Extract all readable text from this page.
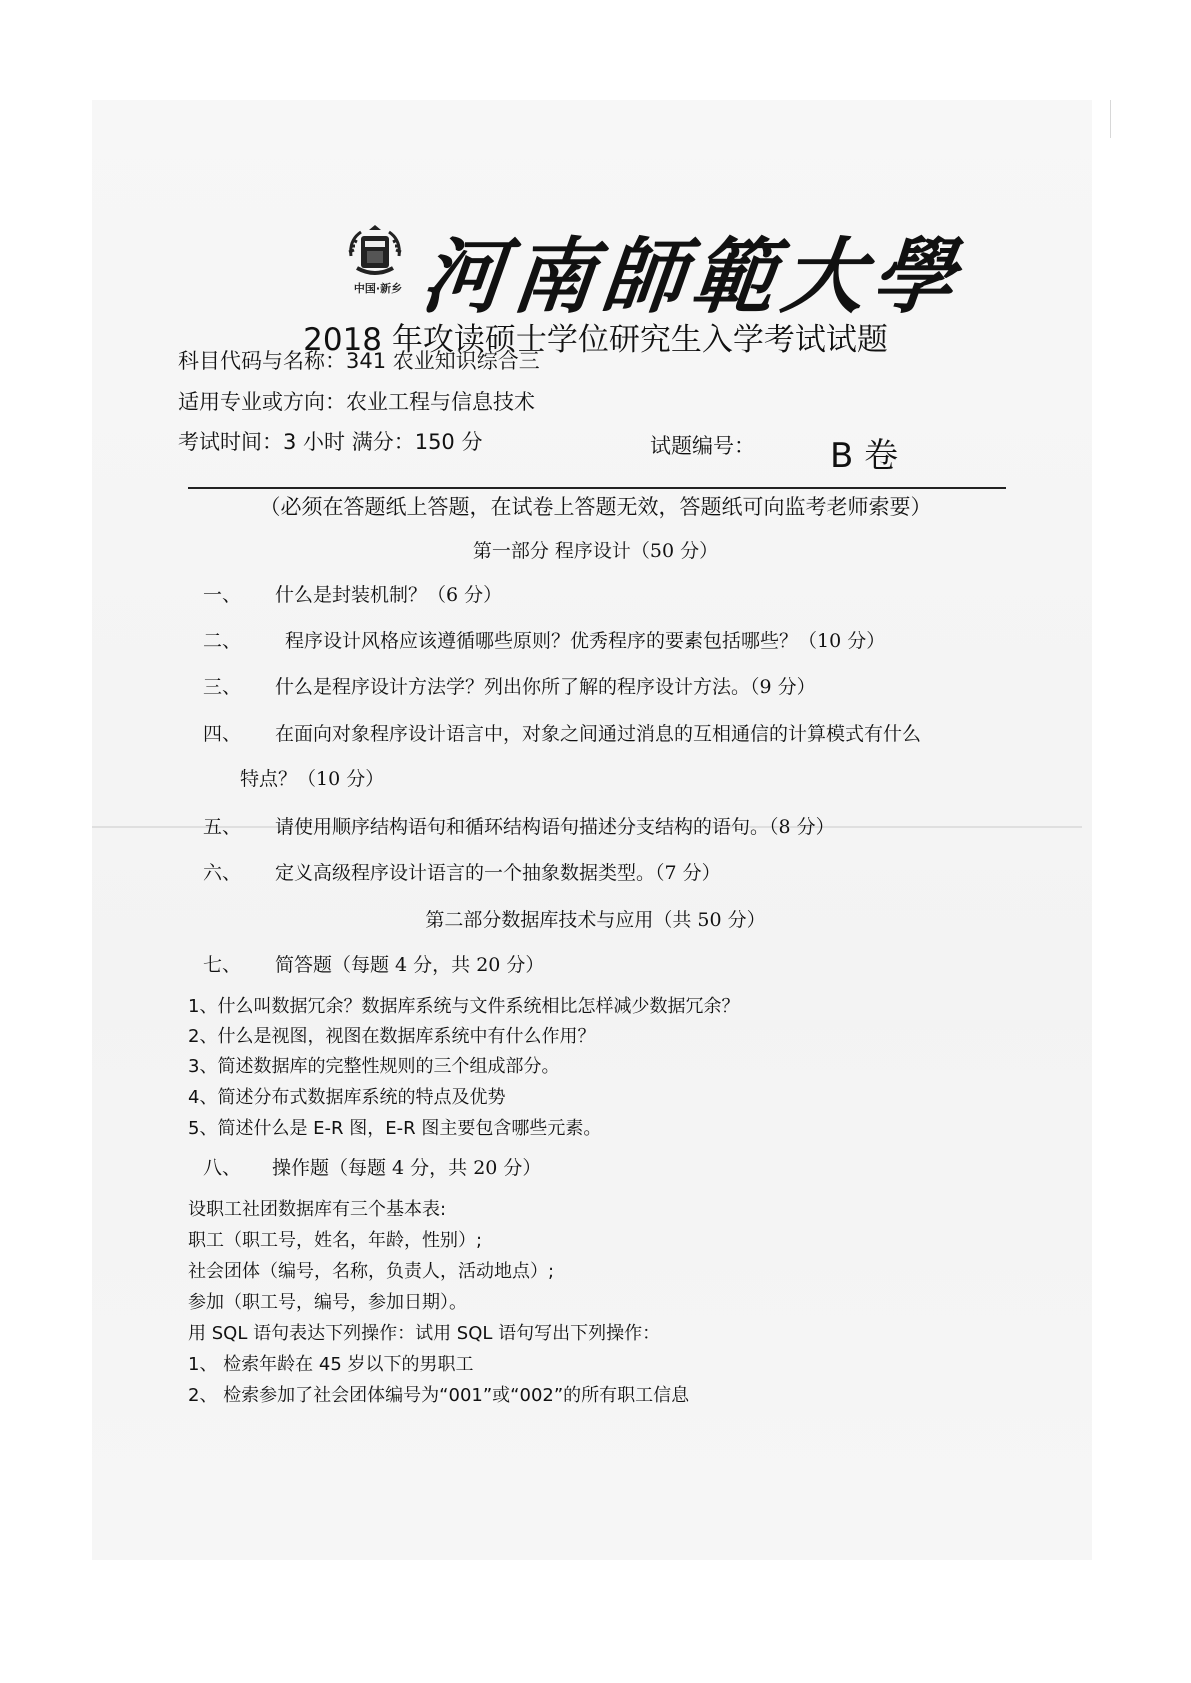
中国·新乡 河南師範大學
2018 年攻读硕士学位研究生入学考试试题
科目代码与名称：341 农业知识综合三
适用专业或方向：农业工程与信息技术
考试时间：3 小时 满分：150 分	试题编号： B 卷
（必须在答题纸上答题，在试卷上答题无效，答题纸可向监考老师索要）
第一部分 程序设计（50 分）
一、 什么是封装机制？（6 分）
二、 程序设计风格应该遵循哪些原则？优秀程序的要素包括哪些？（10 分）
三、 什么是程序设计方法学？列出你所了解的程序设计方法。（9 分）
四、 在面向对象程序设计语言中，对象之间通过消息的互相通信的计算模式有什么
特点？（10 分）
五、 请使用顺序结构语句和循环结构语句描述分支结构的语句。（8 分）
六、 定义高级程序设计语言的一个抽象数据类型。（7 分）
第二部分数据库技术与应用（共 50 分）
七、 简答题（每题 4 分，共 20 分）
1、什么叫数据冗余？数据库系统与文件系统相比怎样减少数据冗余？
2、什么是视图，视图在数据库系统中有什么作用？
3、简述数据库的完整性规则的三个组成部分。
4、简述分布式数据库系统的特点及优势
5、简述什么是 E-R 图，E-R 图主要包含哪些元素。
八、 操作题（每题 4 分，共 20 分）
设职工社团数据库有三个基本表:
职工（职工号，姓名，年龄，性别）;
社会团体（编号，名称，负责人，活动地点）;
参加（职工号，编号，参加日期）。
用 SQL 语句表达下列操作：试用 SQL 语句写出下列操作：
1、 检索年龄在 45 岁以下的男职工
2、 检索参加了社会团体编号为“001”或“002”的所有职工信息
